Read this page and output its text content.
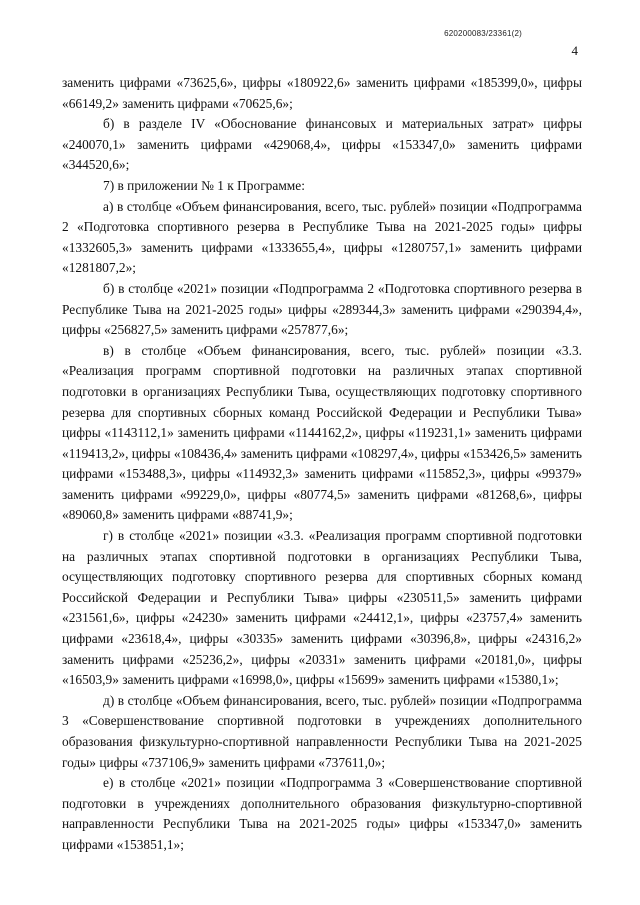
620200083/23361(2)
4

заменить цифрами «73625,6», цифры «180922,6» заменить цифрами «185399,0», цифры «66149,2» заменить цифрами «70625,6»;

б) в разделе IV «Обоснование финансовых и материальных затрат» цифры «240070,1» заменить цифрами «429068,4», цифры «153347,0» заменить цифрами «344520,6»;

7) в приложении № 1 к Программе:

а) в столбце «Объем финансирования, всего, тыс. рублей» позиции «Подпрограмма 2 «Подготовка спортивного резерва в Республике Тыва на 2021-2025 годы» цифры «1332605,3» заменить цифрами «1333655,4», цифры «1280757,1» заменить цифрами «1281807,2»;

б) в столбце «2021» позиции «Подпрограмма 2 «Подготовка спортивного резерва в Республике Тыва на 2021-2025 годы» цифры «289344,3» заменить цифрами «290394,4», цифры «256827,5» заменить цифрами «257877,6»;

в) в столбце «Объем финансирования, всего, тыс. рублей» позиции «3.3. «Реализация программ спортивной подготовки на различных этапах спортивной подготовки в организациях Республики Тыва, осуществляющих подготовку спортивного резерва для спортивных сборных команд Российской Федерации и Республики Тыва» цифры «1143112,1» заменить цифрами «1144162,2», цифры «119231,1» заменить цифрами «119413,2», цифры «108436,4» заменить цифрами «108297,4», цифры «153426,5» заменить цифрами «153488,3», цифры «114932,3» заменить цифрами «115852,3», цифры «99379» заменить цифрами «99229,0», цифры «80774,5» заменить цифрами «81268,6», цифры «89060,8» заменить цифрами «88741,9»;

г) в столбце «2021» позиции «3.3. «Реализация программ спортивной подготовки на различных этапах спортивной подготовки в организациях Республики Тыва, осуществляющих подготовку спортивного резерва для спортивных сборных команд Российской Федерации и Республики Тыва» цифры «230511,5» заменить цифрами «231561,6», цифры «24230» заменить цифрами «24412,1», цифры «23757,4» заменить цифрами «23618,4», цифры «30335» заменить цифрами «30396,8», цифры «24316,2» заменить цифрами «25236,2», цифры «20331» заменить цифрами «20181,0», цифры «16503,9» заменить цифрами «16998,0», цифры «15699» заменить цифрами «15380,1»;

д) в столбце «Объем финансирования, всего, тыс. рублей» позиции «Подпрограмма 3 «Совершенствование спортивной подготовки в учреждениях дополнительного образования физкультурно-спортивной направленности Республики Тыва на 2021-2025 годы» цифры «737106,9» заменить цифрами «737611,0»;

е) в столбце «2021» позиции «Подпрограмма 3 «Совершенствование спортивной подготовки в учреждениях дополнительного образования физкультурно-спортивной направленности Республики Тыва на 2021-2025 годы» цифры «153347,0» заменить цифрами «153851,1»;
